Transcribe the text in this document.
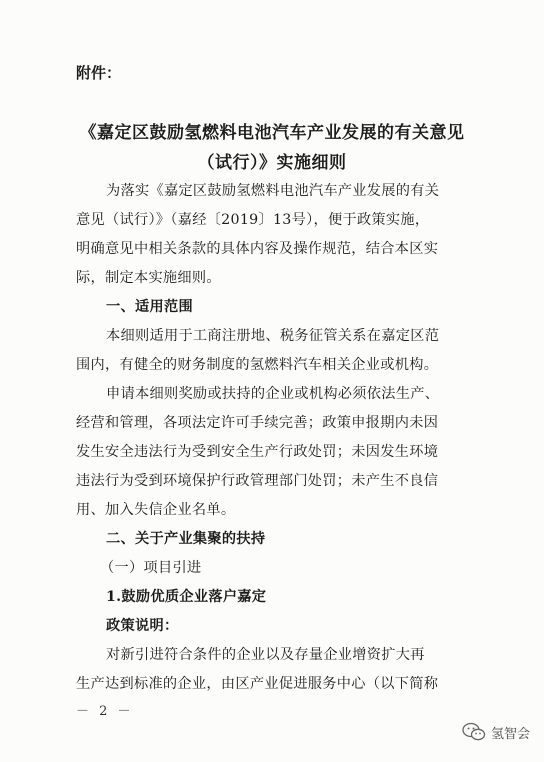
附件：
《嘉定区鼓励氢燃料电池汽车产业发展的有关意见
（试行）》实施细则
为落实《嘉定区鼓励氢燃料电池汽车产业发展的有关
意见（试行）》（嘉经〔2019〕13号），便于政策实施，
明确意见中相关条款的具体内容及操作规范，结合本区实
际，制定本实施细则。
一、适用范围
本细则适用于工商注册地、税务征管关系在嘉定区范
围内，有健全的财务制度的氢燃料汽车相关企业或机构。
申请本细则奖励或扶持的企业或机构必须依法生产、
经营和管理，各项法定许可手续完善；政策申报期内未因
发生安全违法行为受到安全生产行政处罚；未因发生环境
违法行为受到环境保护行政管理部门处罚；未产生不良信
用、加入失信企业名单。
二、关于产业集聚的扶持
（一）项目引进
1.鼓励优质企业落户嘉定
政策说明：
对新引进符合条件的企业以及存量企业增资扩大再
生产达到标准的企业，由区产业促进服务中心（以下简称
－ 2 －
氢智会
